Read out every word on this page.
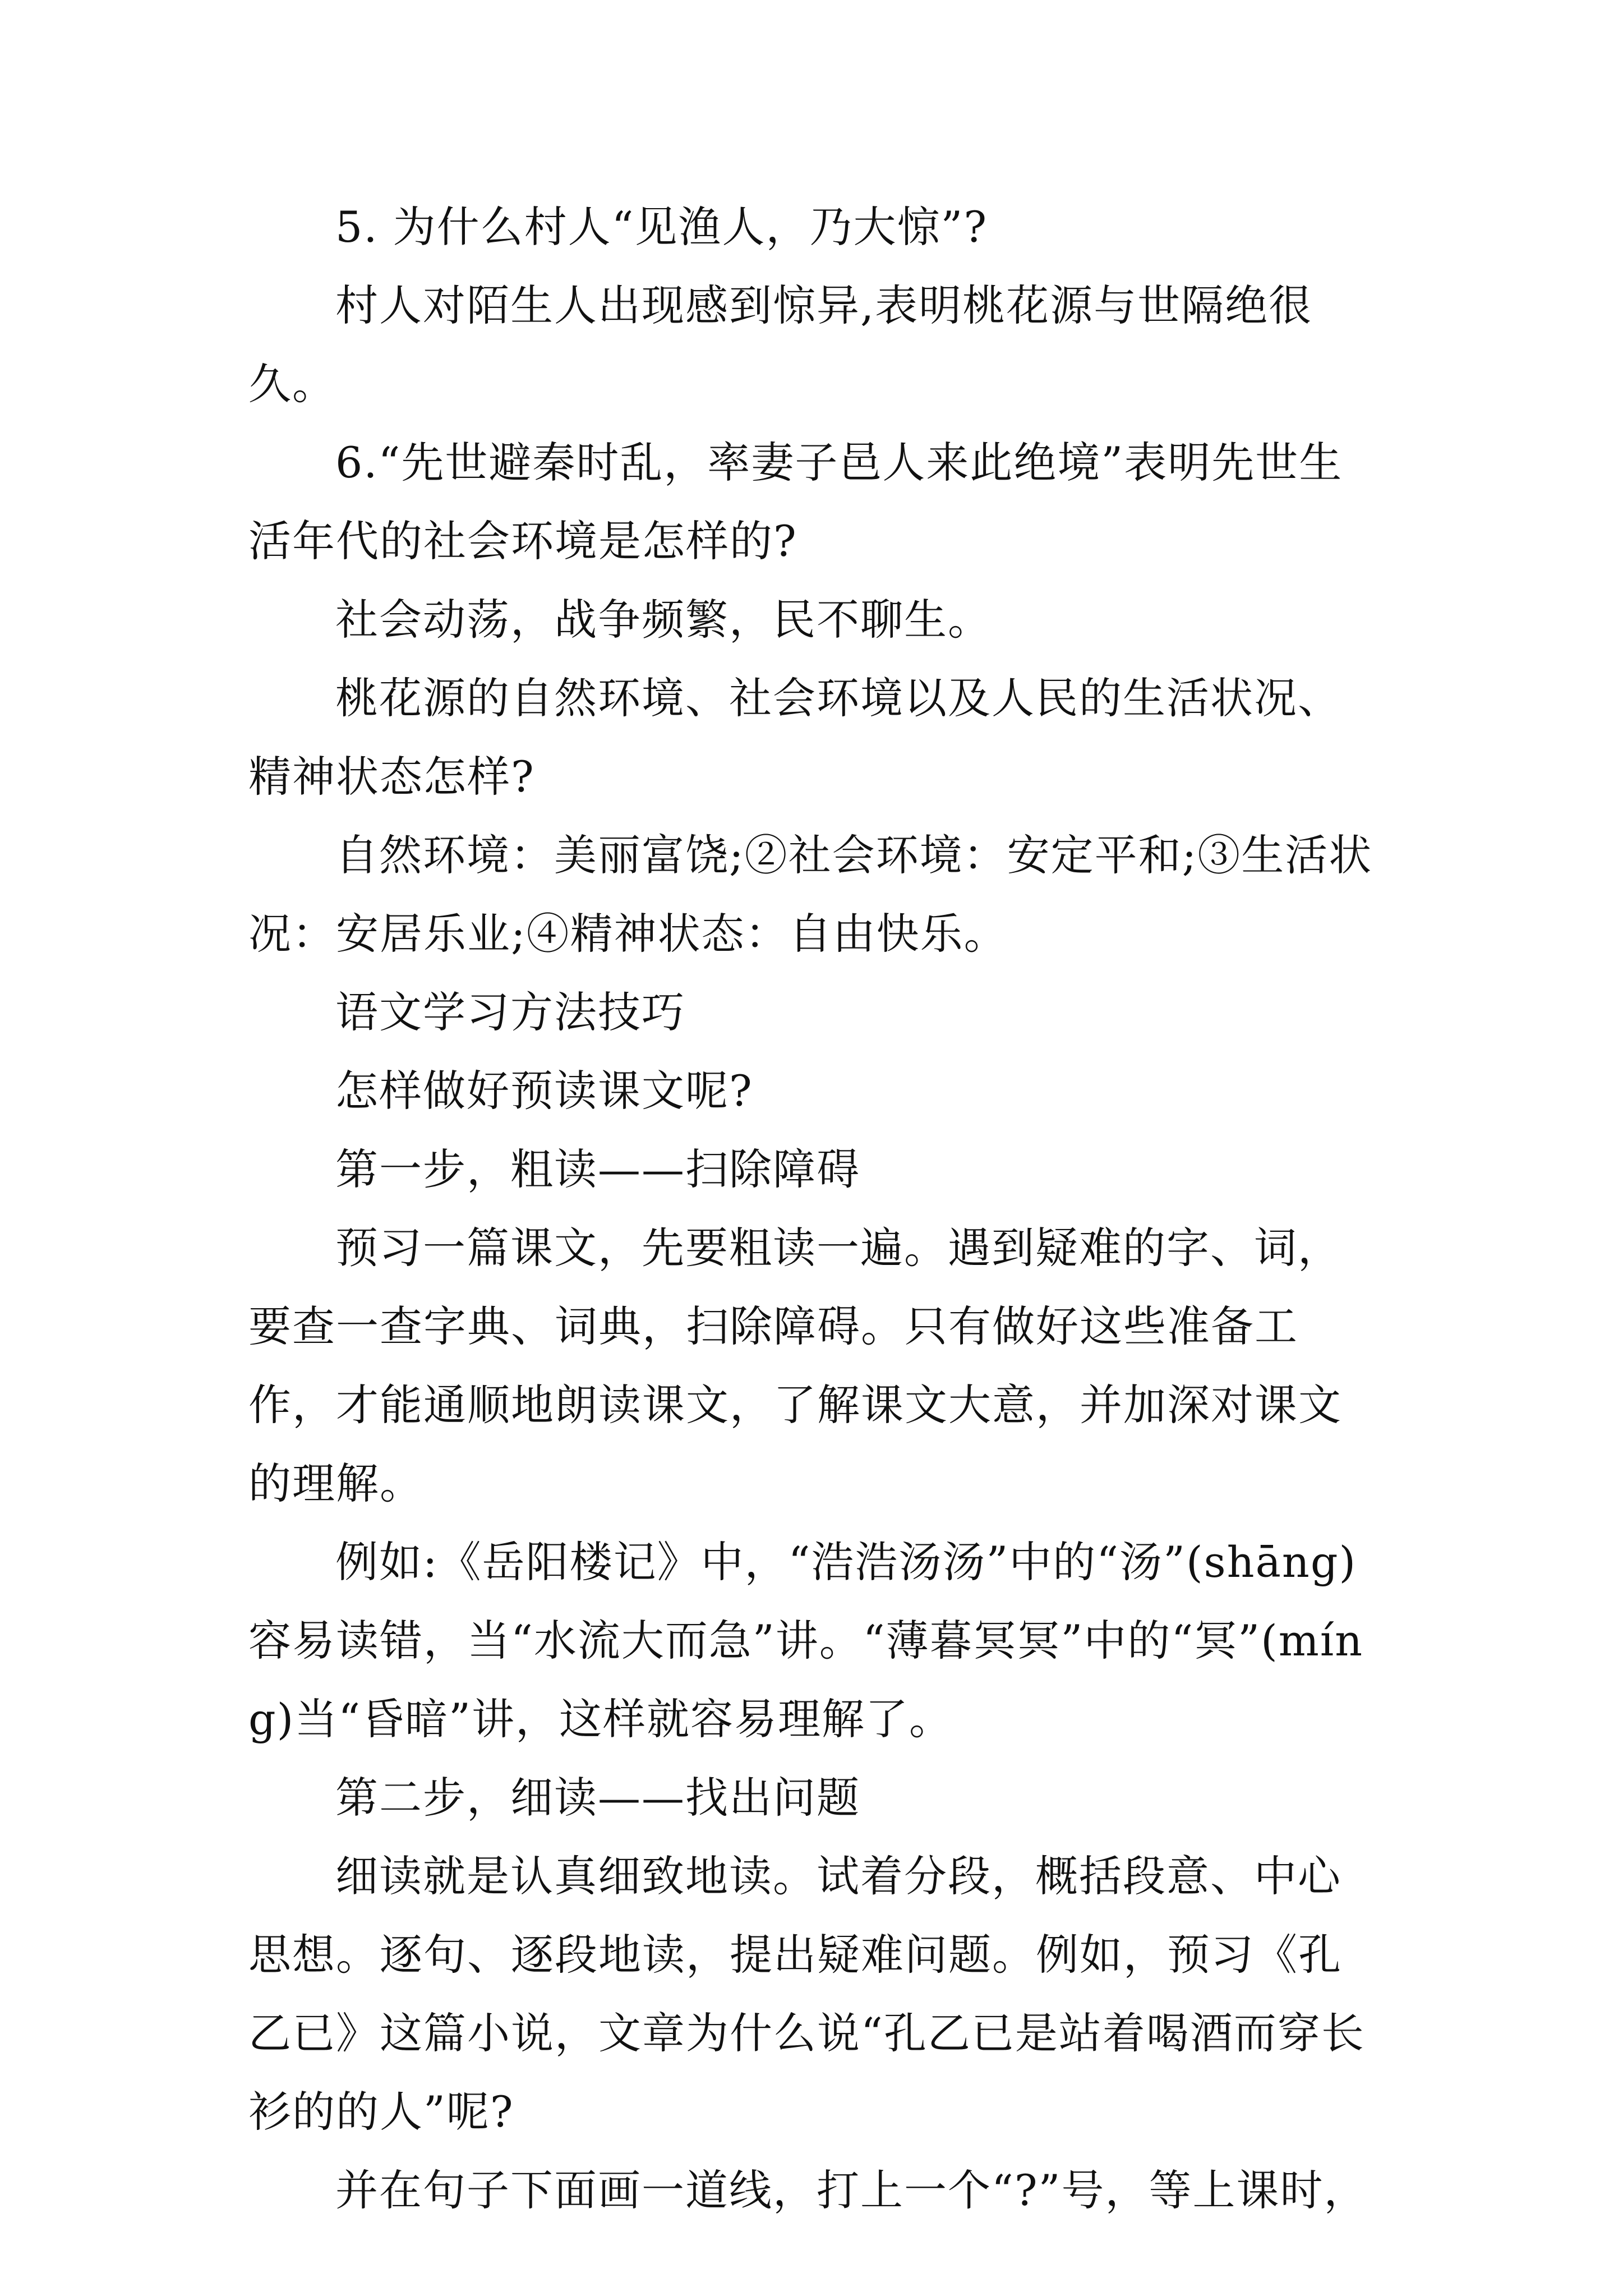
5. 为什么村人“见渔人，乃大惊”?

村人对陌生人出现感到惊异,表明桃花源与世隔绝很久。

6.“先世避秦时乱，率妻子邑人来此绝境”表明先世生活年代的社会环境是怎样的?

社会动荡，战争频繁，民不聊生。

桃花源的自然环境、社会环境以及人民的生活状况、精神状态怎样?

自然环境：美丽富饶;②社会环境：安定平和;③生活状况：安居乐业;④精神状态：自由快乐。

语文学习方法技巧

怎样做好预读课文呢?

第一步，粗读——扫除障碍

预习一篇课文，先要粗读一遍。遇到疑难的字、词，要查一查字典、词典，扫除障碍。只有做好这些准备工作，才能通顺地朗读课文，了解课文大意，并加深对课文的理解。

例如:《岳阳楼记》中，“浩浩汤汤”中的“汤”(shāng)容易读错，当“水流大而急”讲。“薄暮冥冥”中的“冥”(míng)当“昏暗”讲，这样就容易理解了。

第二步，细读——找出问题

细读就是认真细致地读。试着分段，概括段意、中心思想。逐句、逐段地读，提出疑难问题。例如，预习《孔乙已》这篇小说，文章为什么说“孔乙已是站着喝酒而穿长衫的的人”呢?

并在句子下面画一道线，打上一个“?”号，等上课时，
